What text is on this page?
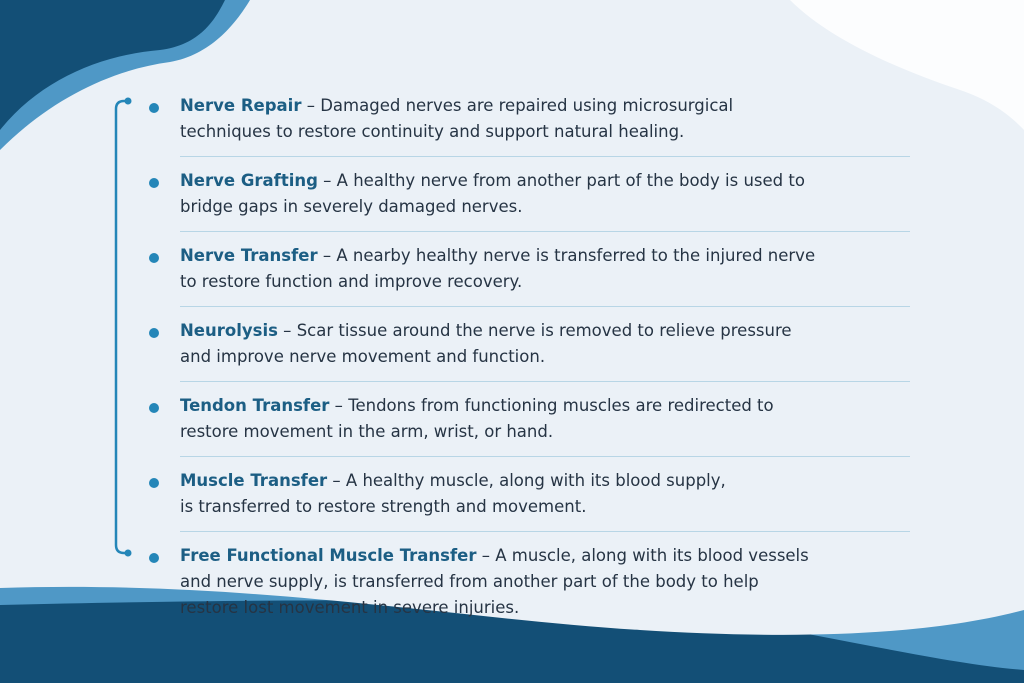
Nerve Repair – Damaged nerves are repaired using microsurgical
techniques to restore continuity and support natural healing.

Nerve Grafting – A healthy nerve from another part of the body is used to
bridge gaps in severely damaged nerves.

Nerve Transfer – A nearby healthy nerve is transferred to the injured nerve
to restore function and improve recovery.

Neurolysis – Scar tissue around the nerve is removed to relieve pressure
and improve nerve movement and function.

Tendon Transfer – Tendons from functioning muscles are redirected to
restore movement in the arm, wrist, or hand.

Muscle Transfer – A healthy muscle, along with its blood supply,
is transferred to restore strength and movement.

Free Functional Muscle Transfer – A muscle, along with its blood vessels
and nerve supply, is transferred from another part of the body to help
restore lost movement in severe injuries.
